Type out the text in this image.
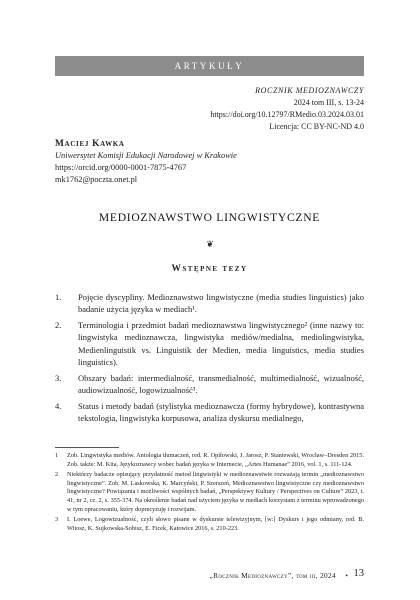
ARTYKUŁY
ROCZNIK MEDIOZNAWCZY
2024 tom III, s. 13-24
https://doi.org/10.12797/RMedio.03.2024.03.01
Licencja: CC BY-NC-ND 4.0
Maciej Kawka
Uniwersytet Komisji Edukacji Narodowej w Krakowie
https://orcid.org/0000-0001-7875-4767
mk1762@poczta.onet.pl
MEDIOZNAWSTWO LINGWISTYCZNE
❦
Wstępne tezy
1. Pojęcie dyscypliny. Medioznawstwo lingwistyczne (media studies linguistics) jako badanie użycia języka w mediach¹.
2. Terminologia i przedmiot badań medioznawstwa lingwistycznego² (inne nazwy to: lingwistyka medioznawcza, lingwistyka mediów/medialna, mediolingwistyka, Medienlinguistik vs. Linguistik der Medien, media linguistics, media studies linguistics).
3. Obszary badań: intermedialność, transmedialność, multimedialność, wizualność, audiowizualność, logowizualność³.
4. Status i metody badań (stylistyka medioznawcza (formy hybrydowe), kontrastywna tekstologia, lingwistyka korpusowa, analiza dyskursu medialnego,
1 Zob. Lingwistyka mediów. Antologia tłumaczeń, red. R. Opiłowski, J. Jarosz, P. Staniewski, Wrocław–Dresden 2015. Zob. także: M. Kita, Językoznawcy wobec badań języka w Internecie, „Artes Humanae” 2016, vol. 1, s. 111-124.
2 Niektórzy badacze opisujący przydatność metod lingwistyki w medioznawstwie rozważają termin „medioznawstwo lingwistyczne”. Zob. M. Laskowska, K. Marcyński, P. Szerszeń, Medioznawstwo lingwistyczne czy medioznawstwo lingwistyczne? Powiązania i możliwości wspólnych badań, „Perspektywy Kultury / Perspectives on Culture” 2023, t. 41, nr 2, cz. 2, s. 355-374. Na określenie badań nad użyciem języka w mediach korzystam z terminu wprowadzonego w tym opracowaniu, który doprecyzuję i rozwijam.
3 I. Loewe, Logowizualność, czyli słowo pisane w dyskursie telewizyjnym, [w:] Dyskurs i jego odmiany, red. B. Witosz, K. Sujkowska-Sobisz, E. Ficek, Katowice 2016, s. 210-223.
„Rocznik Medioznawczy”, tom iii, 2024 • 13
